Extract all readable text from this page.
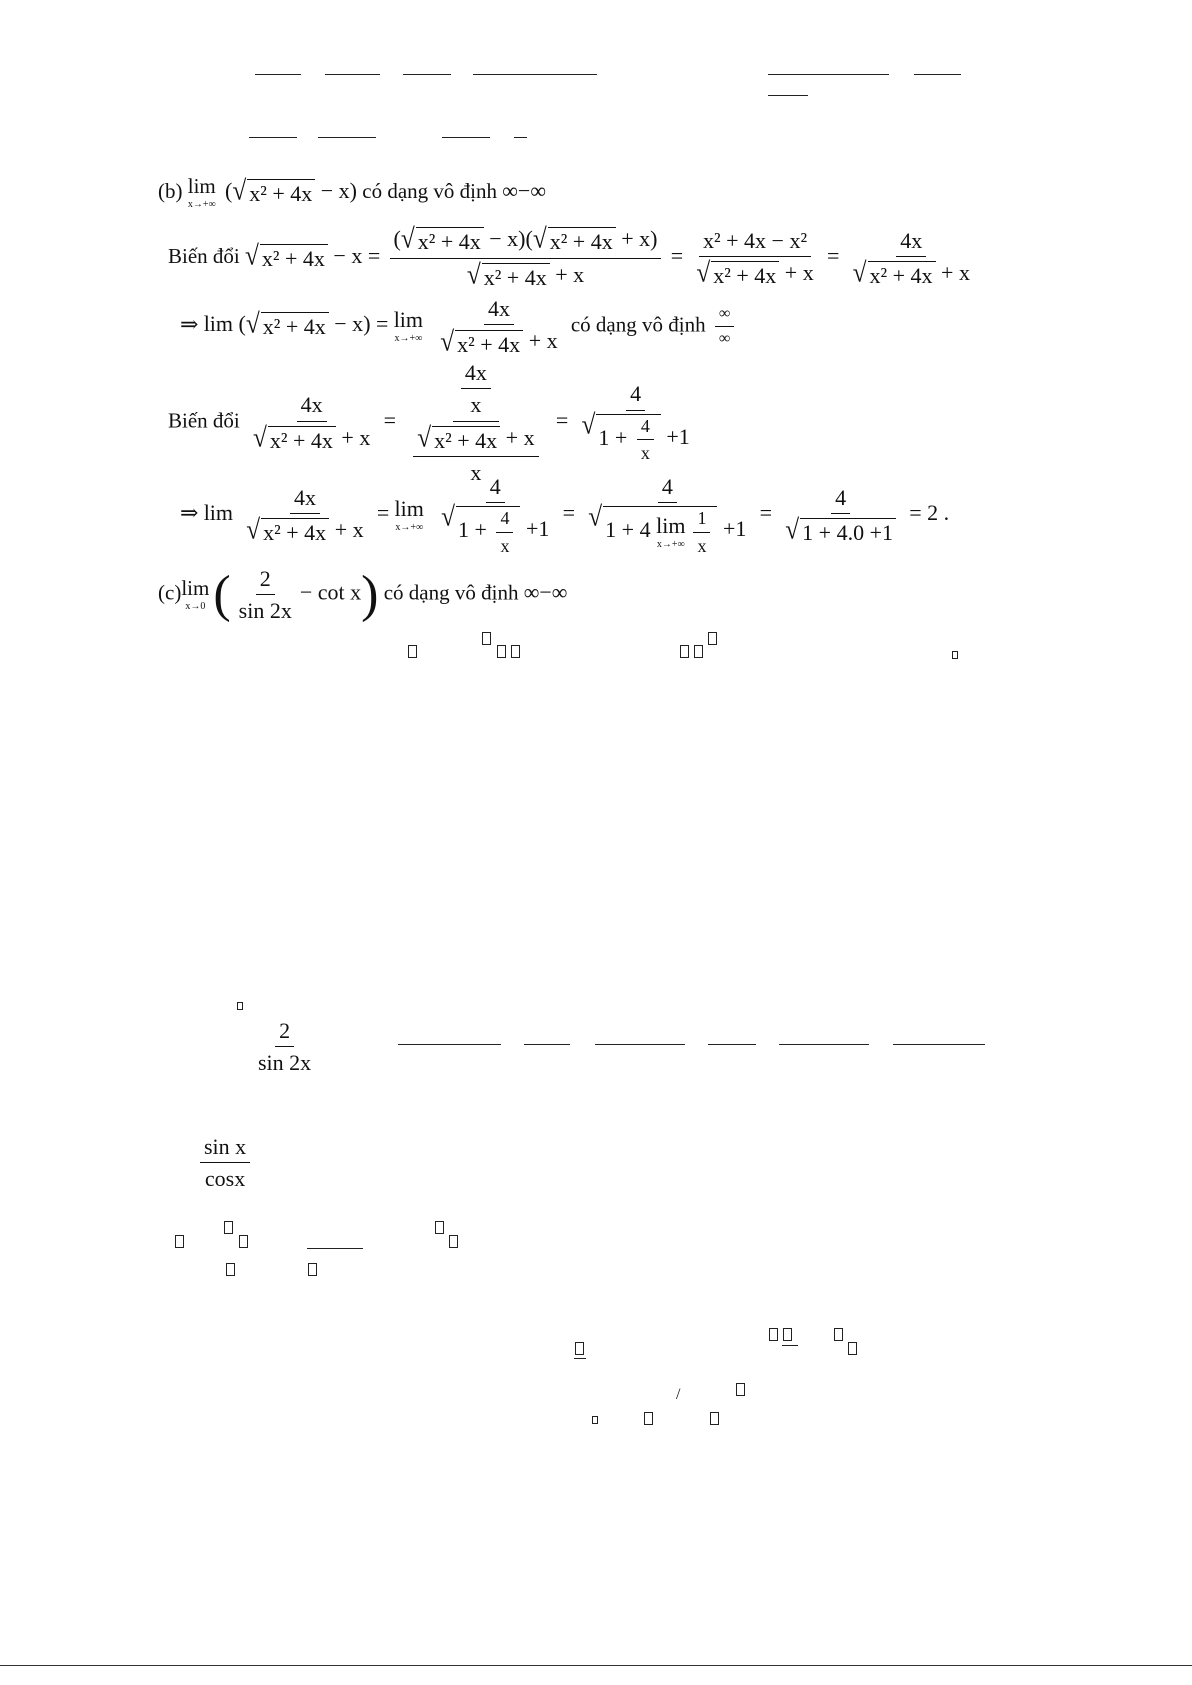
(b) lim
x→+∞
( √ x² + 4x − x) có dạng vô định ∞−∞
Biến đổi √ $x^2 + 4x - x = \frac{\text{( √ x² + 4x − x)( √ x² + 4x + x)}}{\text{√ x² + 4x + x}} = \frac{\text{x² + 4x − x²}}{\text{√ x² + 4x + x}} = \frac{4x}{\text{√ x² + 4x + x}}$
⇒ lim ( √ x² + 4x − x) = lim
x→+∞
$\frac{4x}{\text{√ x² + 4x + x}}$ có dạng vô định $\frac{\infty}{\infty}$
Biến đổi $\frac{4x}{\text{√ x² + 4x + x}} = \frac{\frac{4x}{x}}{\frac{\text{√ x² + 4x + x}}{x}} = \frac{4}{√ 1 + \frac{4}{x} +1}$
⇒ $\lim \frac{4x}{\text{√ x² + 4x + x}} = \lim$
x→+∞
$\frac{4}{√ 1 + \frac{4}{x} +1} = 4$
√ 1 + 4 lim
$x\to+\infty \frac{1}{x} +1 = \frac{4}{√ 1 + 4.0 +1} = 2$ .
(c) lim
x→0 ( $\frac{2}{\sin 2x} - \cot x$) có dạng vô định ∞−∞
$\frac{2}{\sin 2x}$
$\frac{\text{sin x}}{\cos x}$
/
